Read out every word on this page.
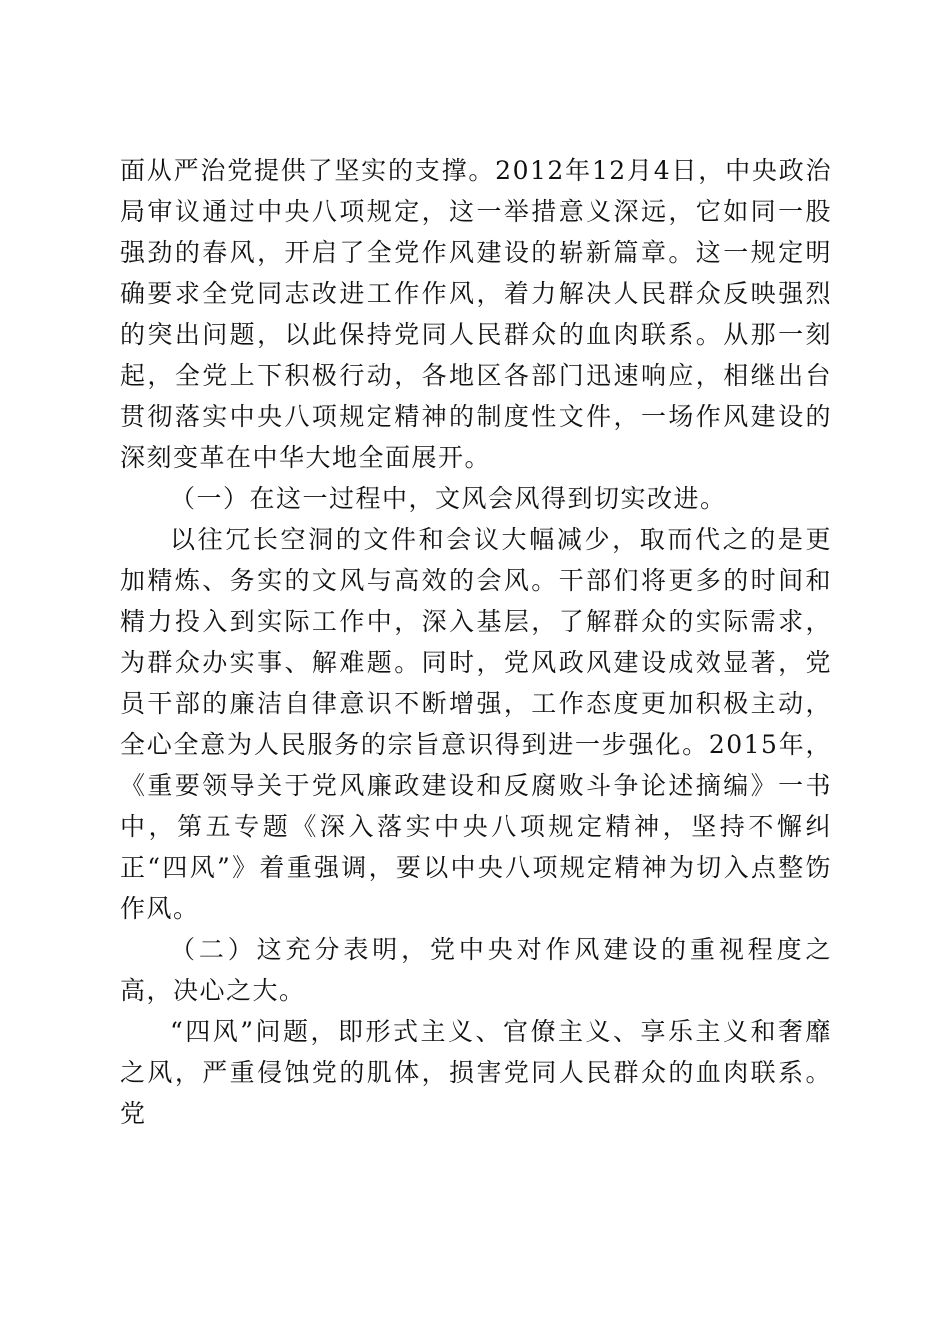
面从严治党提供了坚实的支撑。2012年12月4日，中央政治局审议通过中央八项规定，这一举措意义深远，它如同一股强劲的春风，开启了全党作风建设的崭新篇章。这一规定明确要求全党同志改进工作作风，着力解决人民群众反映强烈的突出问题，以此保持党同人民群众的血肉联系。从那一刻起，全党上下积极行动，各地区各部门迅速响应，相继出台贯彻落实中央八项规定精神的制度性文件，一场作风建设的深刻变革在中华大地全面展开。

（一）在这一过程中，文风会风得到切实改进。

以往冗长空洞的文件和会议大幅减少，取而代之的是更加精炼、务实的文风与高效的会风。干部们将更多的时间和精力投入到实际工作中，深入基层，了解群众的实际需求，为群众办实事、解难题。同时，党风政风建设成效显著，党员干部的廉洁自律意识不断增强，工作态度更加积极主动，全心全意为人民服务的宗旨意识得到进一步强化。2015年，《重要领导关于党风廉政建设和反腐败斗争论述摘编》一书中，第五专题《深入落实中央八项规定精神，坚持不懈纠正“四风”》着重强调，要以中央八项规定精神为切入点整饬作风。

（二）这充分表明，党中央对作风建设的重视程度之高，决心之大。

“四风”问题，即形式主义、官僚主义、享乐主义和奢靡之风，严重侵蚀党的肌体，损害党同人民群众的血肉联系。党
